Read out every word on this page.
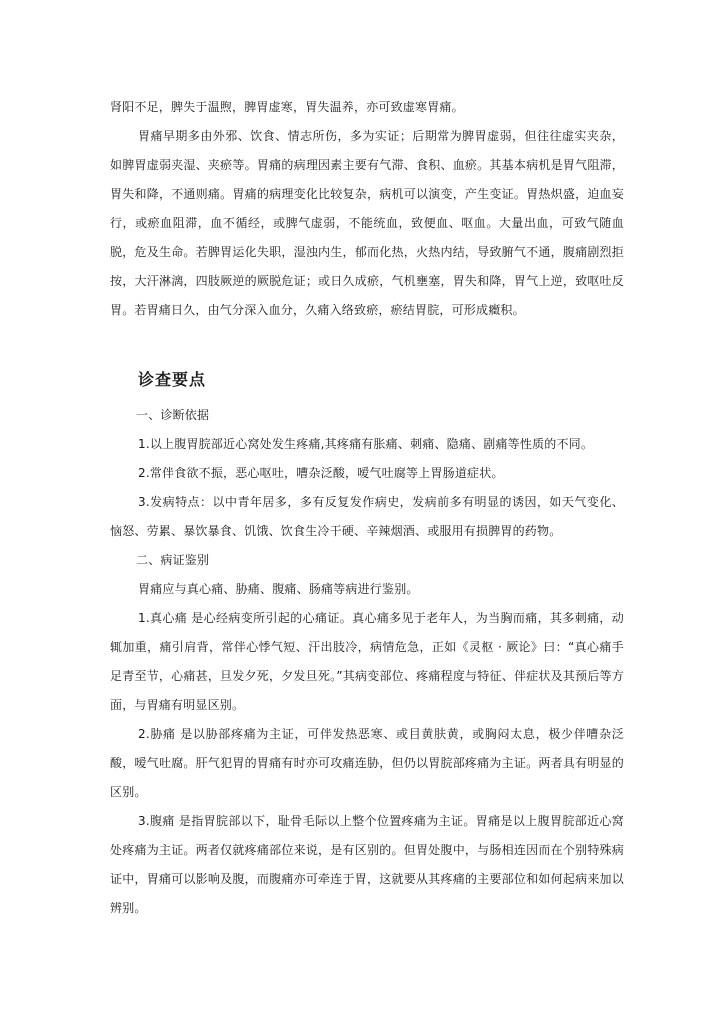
肾阳不足，脾失于温煦，脾胃虚寒，胃失温养，亦可致虚寒胃痛。

胃痛早期多由外邪、饮食、情志所伤，多为实证；后期常为脾胃虚弱，但往往虚实夹杂，如脾胃虚弱夹湿、夹瘀等。胃痛的病理因素主要有气滞、食积、血瘀。其基本病机是胃气阻滞，胃失和降，不通则痛。胃痛的病理变化比较复杂，病机可以演变，产生变证。胃热炽盛，迫血妄行，或瘀血阻滞，血不循经，或脾气虚弱，不能统血，致便血、呕血。大量出血，可致气随血脱，危及生命。若脾胃运化失职，湿浊内生，郁而化热，火热内结，导致腑气不通，腹痛剧烈拒按，大汗淋漓，四肢厥逆的厥脱危证；或日久成瘀，气机壅塞，胃失和降，胃气上逆，致呕吐反胃。若胃痛日久，由气分深入血分，久痛入络致瘀，瘀结胃脘，可形成癥积。

诊查要点

一、诊断依据

1.以上腹胃脘部近心窝处发生疼痛,其疼痛有胀痛、刺痛、隐痛、剧痛等性质的不同。

2.常伴食欲不振，恶心呕吐，嘈杂泛酸，嗳气吐腐等上胃肠道症状。

3.发病特点：以中青年居多，多有反复发作病史，发病前多有明显的诱因，如天气变化、恼怒、劳累、暴饮暴食、饥饿、饮食生冷干硬、辛辣烟酒、或服用有损脾胃的药物。

二、病证鉴别

胃痛应与真心痛、胁痛、腹痛、肠痛等病进行鉴别。

1.真心痛 是心经病变所引起的心痛证。真心痛多见于老年人，为当胸而痛，其多刺痛，动辄加重，痛引肩背，常伴心悸气短、汗出肢冷，病情危急，正如《灵枢 · 厥论》曰：“真心痛手足青至节，心痛甚，旦发夕死，夕发旦死。”其病变部位、疼痛程度与特征、伴症状及其预后等方面，与胃痛有明显区别。

2.胁痛 是以胁部疼痛为主证，可伴发热恶寒、或目黄肤黄，或胸闷太息，极少伴嘈杂泛酸，嗳气吐腐。肝气犯胃的胃痛有时亦可攻痛连胁，但仍以胃脘部疼痛为主证。两者具有明显的区别。

3.腹痛 是指胃脘部以下，耻骨毛际以上整个位置疼痛为主证。胃痛是以上腹胃脘部近心窝处疼痛为主证。两者仅就疼痛部位来说，是有区别的。但胃处腹中，与肠相连因而在个别特殊病证中，胃痛可以影响及腹，而腹痛亦可牵连于胃，这就要从其疼痛的主要部位和如何起病来加以辨别。
